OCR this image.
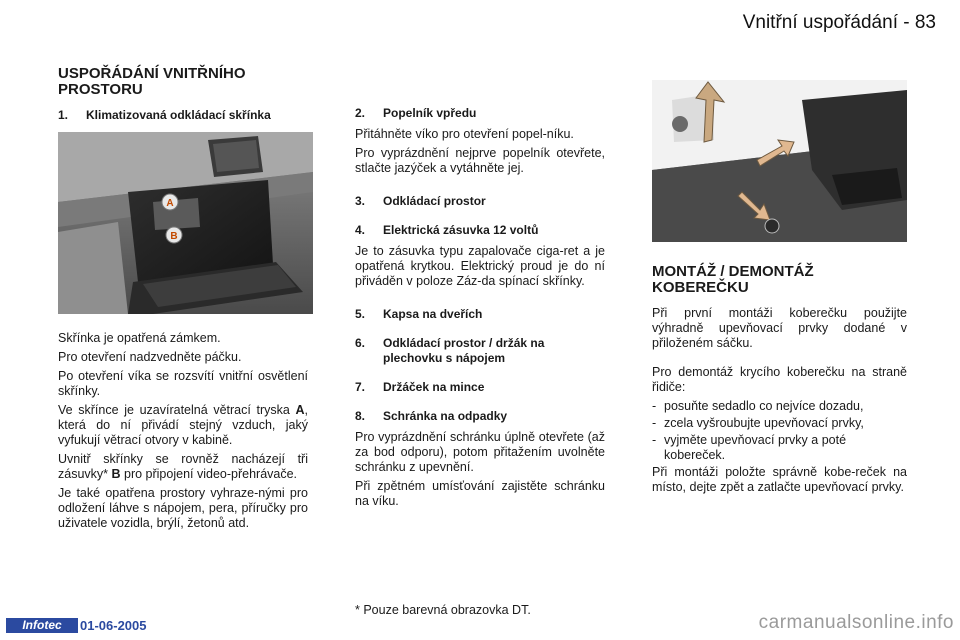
Vnitřní uspořádání - 83
USPOŘÁDÁNÍ VNITŘNÍHO PROSTORU
1.	Klimatizovaná odkládací skřínka
A
B

Skřínka je opatřená zámkem.

Pro otevření nadzvedněte páčku.

Po otevření víka se rozsvítí vnitřní osvětlení skřínky.

Ve skřínce je uzavíratelná větrací tryska A, která do ní přivádí stejný vzduch, jaký vyfukují větrací otvory v kabině.

Uvnitř skřínky se rovněž nacházejí tři zásuvky* B pro připojení video-přehrávače.

Je také opatřena prostory vyhraze-nými pro odložení láhve s nápojem, pera, příručky pro uživatele vozidla, brýlí, žetonů atd.

2.	Popelník vpředu

Přitáhněte víko pro otevření popel-níku.

Pro vyprázdnění nejprve popelník otevřete, stlačte jazýček a vytáhněte jej.

3.	Odkládací prostor
4.	Elektrická zásuvka 12 voltů

Je to zásuvka typu zapalovače ciga-ret a je opatřená krytkou. Elektrický proud je do ní přiváděn v poloze Záz-da spínací skřínky.

5.	Kapsa na dveřích
6.	Odkládací prostor / držák na plechovku s nápojem
7.	Držáček na mince
8.	Schránka na odpadky

Pro vyprázdnění schránku úplně otevřete (až za bod odporu), potom přitažením uvolněte schránku z upevnění.

Při zpětném umísťování zajistěte schránku na víku.

* Pouze barevná obrazovka DT.
MONTÁŽ / DEMONTÁŽ KOBEREČKU

Při první montáži koberečku použijte výhradně upevňovací prvky dodané v přiloženém sáčku.

Pro demontáž krycího koberečku na straně řidiče:

- posuňte sedadlo co nejvíce dozadu,
- zcela vyšroubujte upevňovací prvky,
- vyjměte upevňovací prvky a poté kobereček.

Při montáži položte správně kobe-reček na místo, dejte zpět a zatlačte upevňovací prvky.

Infotec	01-06-2005	carmanualsonline.info
